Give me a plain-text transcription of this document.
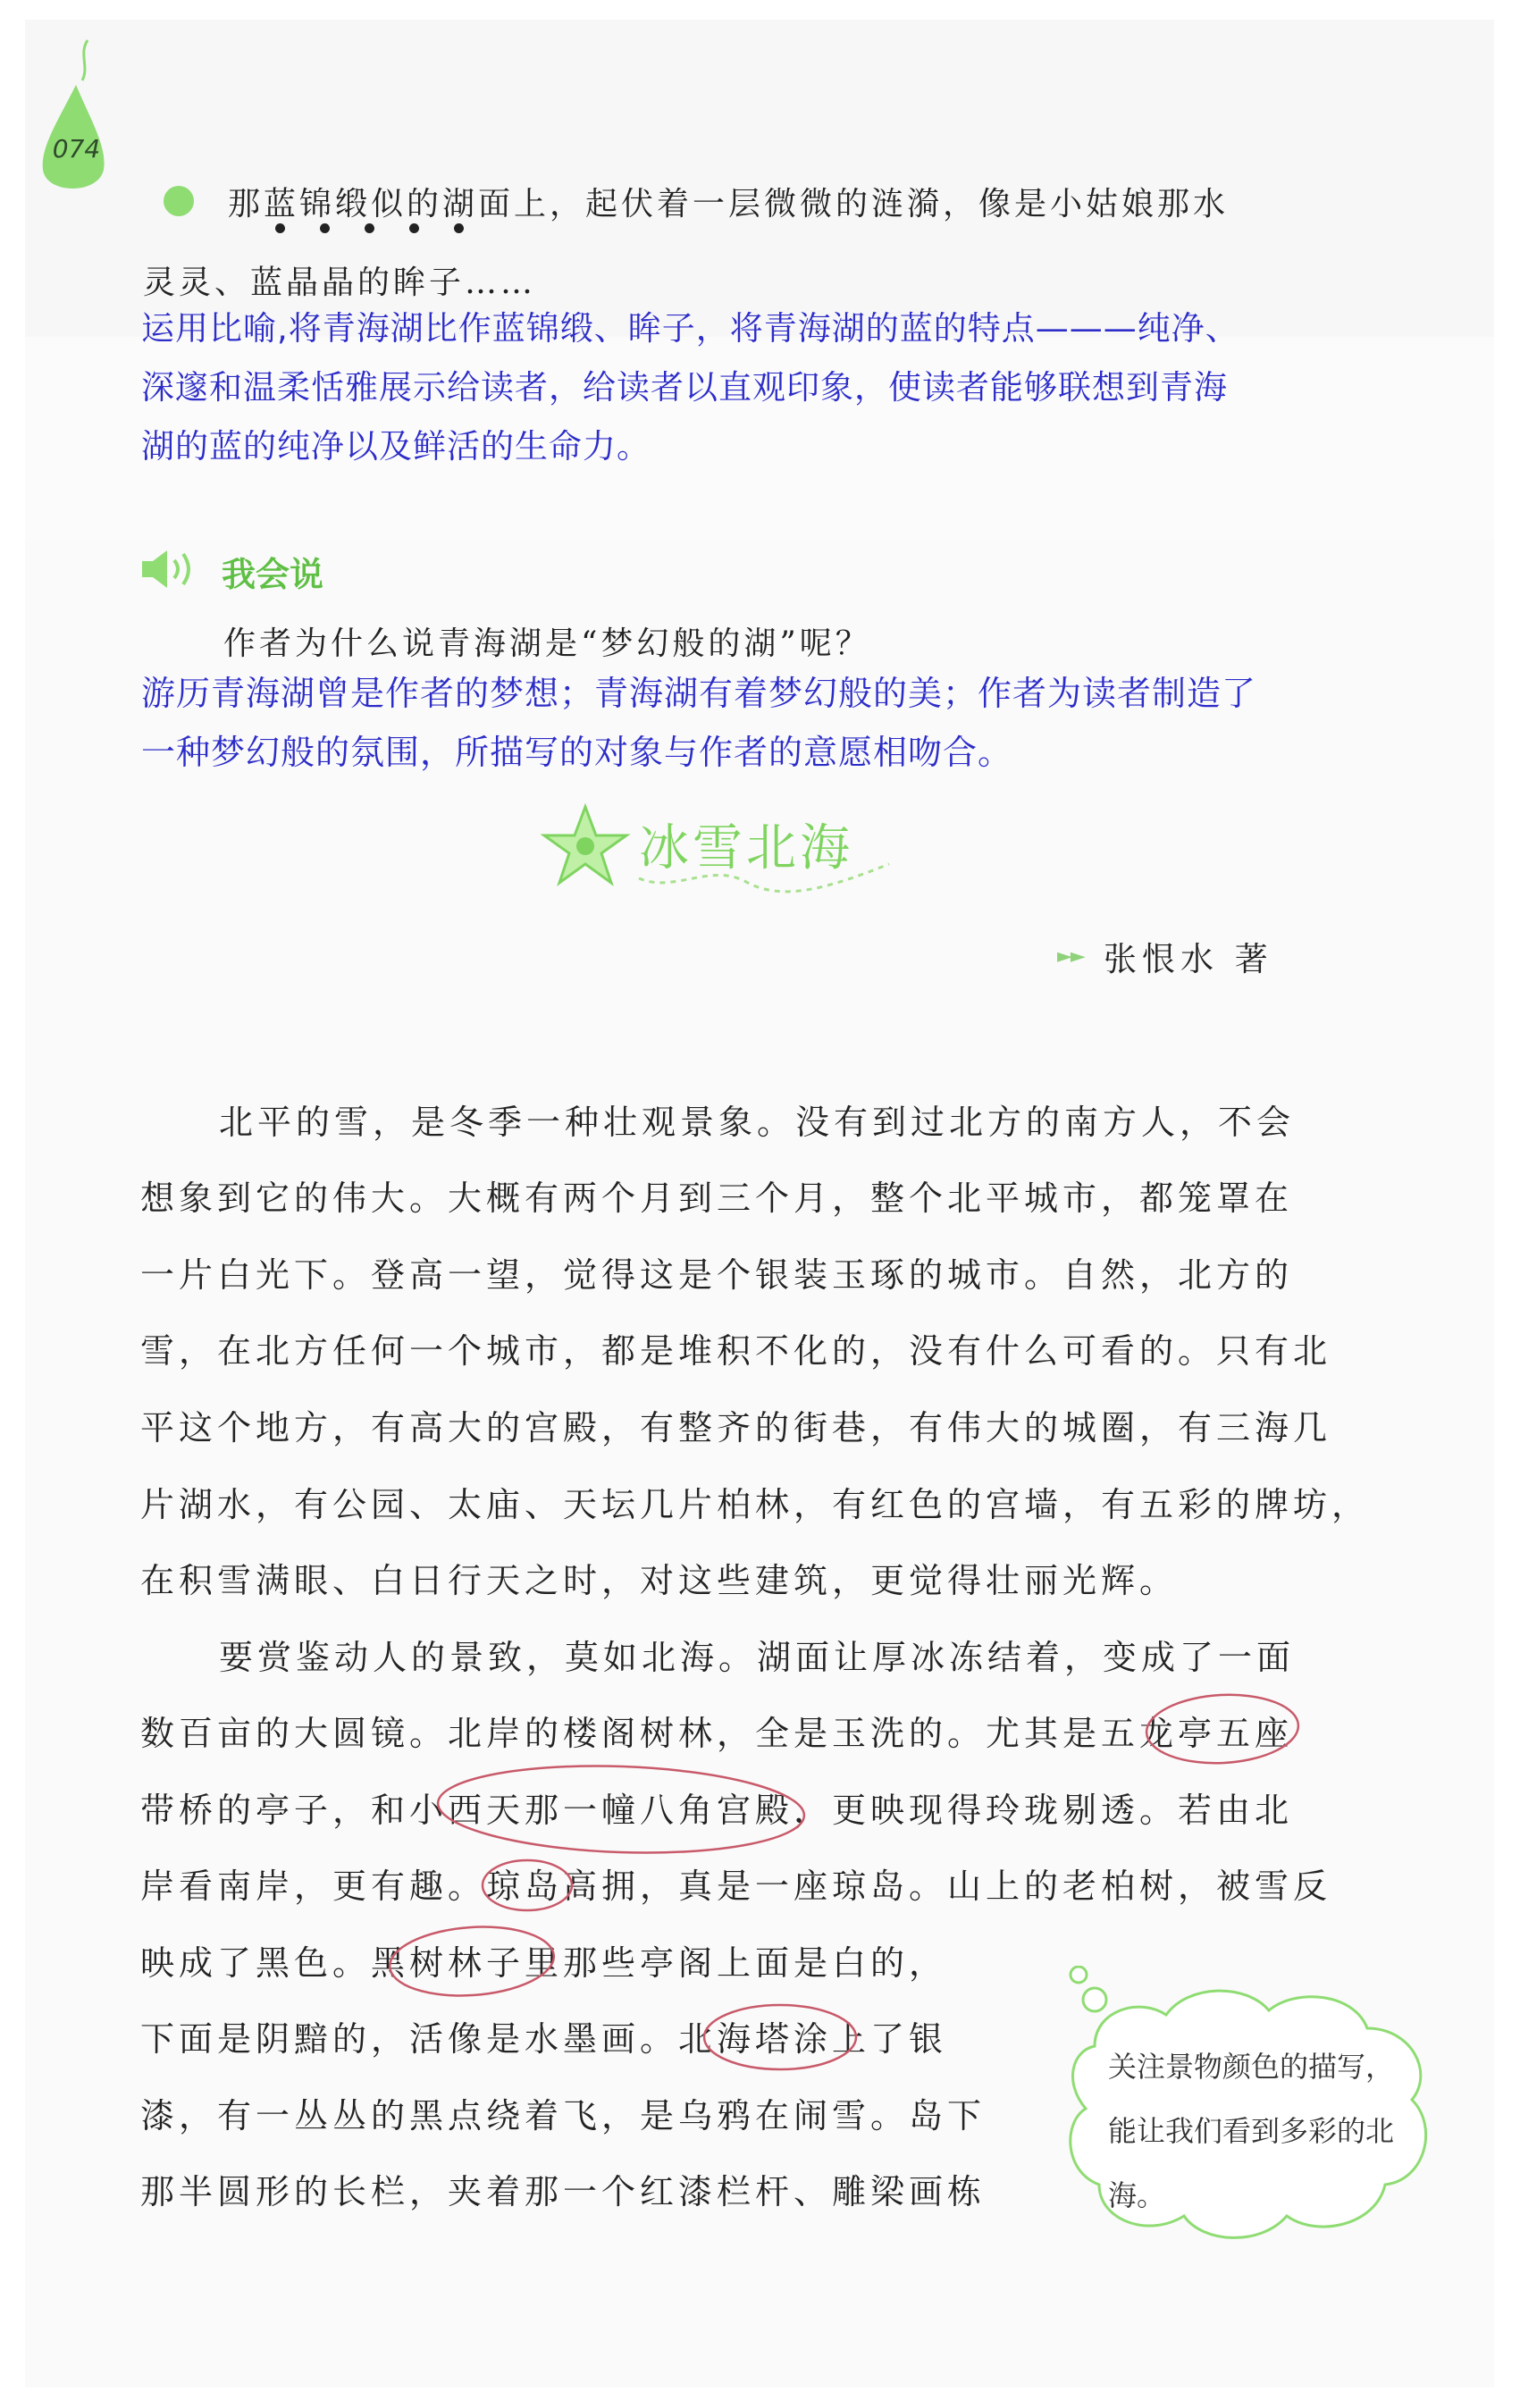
074
那蓝锦缎似的湖面上，起伏着一层微微的涟漪，像是小姑娘那水
灵灵、蓝晶晶的眸子……
运用比喻,将青海湖比作蓝锦缎、眸子，将青海湖的蓝的特点———纯净、
深邃和温柔恬雅展示给读者，给读者以直观印象，使读者能够联想到青海
湖的蓝的纯净以及鲜活的生命力。
我会说
作者为什么说青海湖是“梦幻般的湖”呢？
游历青海湖曾是作者的梦想；青海湖有着梦幻般的美；作者为读者制造了
一种梦幻般的氛围，所描写的对象与作者的意愿相吻合。
冰雪北海
►► 张恨水 著
北平的雪，是冬季一种壮观景象。没有到过北方的南方人，不会
想象到它的伟大。大概有两个月到三个月，整个北平城市，都笼罩在
一片白光下。登高一望，觉得这是个银装玉琢的城市。自然，北方的
雪，在北方任何一个城市，都是堆积不化的，没有什么可看的。只有北
平这个地方，有高大的宫殿，有整齐的街巷，有伟大的城圈，有三海几
片湖水，有公园、太庙、天坛几片柏林，有红色的宫墙，有五彩的牌坊，
在积雪满眼、白日行天之时，对这些建筑，更觉得壮丽光辉。
要赏鉴动人的景致，莫如北海。湖面让厚冰冻结着，变成了一面
数百亩的大圆镜。北岸的楼阁树林，全是玉洗的。尤其是五龙亭五座
带桥的亭子，和小西天那一幢八角宫殿，更映现得玲珑剔透。若由北
岸看南岸，更有趣。琼岛高拥，真是一座琼岛。山上的老柏树，被雪反
映成了黑色。黑树林子里那些亭阁上面是白的，
下面是阴黯的，活像是水墨画。北海塔涂上了银
漆，有一丛丛的黑点绕着飞，是乌鸦在闹雪。岛下
那半圆形的长栏，夹着那一个红漆栏杆、雕梁画栋
关注景物颜色的描写，能让我们看到多彩的北海。
